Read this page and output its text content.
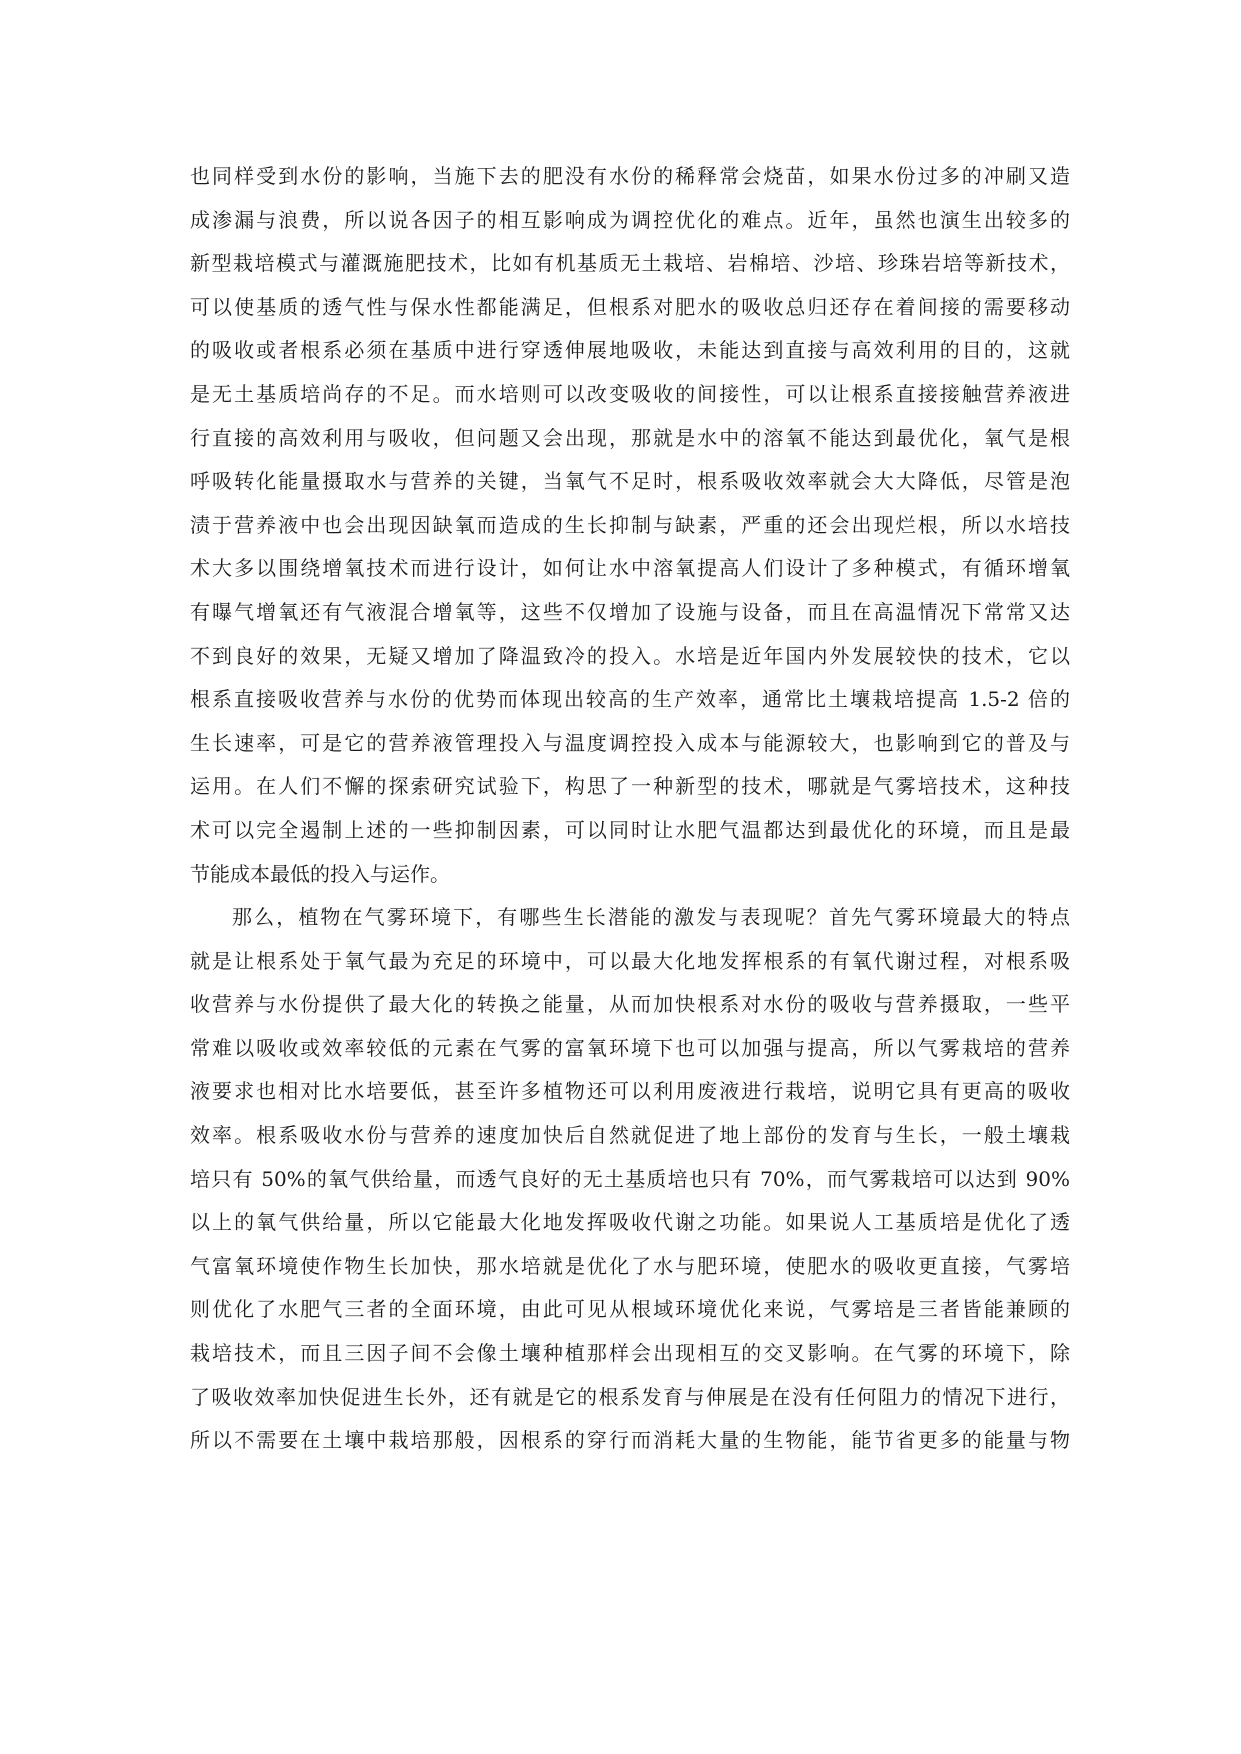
也同样受到水份的影响，当施下去的肥没有水份的稀释常会烧苗，如果水份过多的冲刷又造
成渗漏与浪费，所以说各因子的相互影响成为调控优化的难点。近年，虽然也演生出较多的
新型栽培模式与灌溉施肥技术，比如有机基质无土栽培、岩棉培、沙培、珍珠岩培等新技术，
可以使基质的透气性与保水性都能满足，但根系对肥水的吸收总归还存在着间接的需要移动
的吸收或者根系必须在基质中进行穿透伸展地吸收，未能达到直接与高效利用的目的，这就
是无土基质培尚存的不足。而水培则可以改变吸收的间接性，可以让根系直接接触营养液进
行直接的高效利用与吸收，但问题又会出现，那就是水中的溶氧不能达到最优化，氧气是根
呼吸转化能量摄取水与营养的关键，当氧气不足时，根系吸收效率就会大大降低，尽管是泡
渍于营养液中也会出现因缺氧而造成的生长抑制与缺素，严重的还会出现烂根，所以水培技
术大多以围绕增氧技术而进行设计，如何让水中溶氧提高人们设计了多种模式，有循环增氧
有曝气增氧还有气液混合增氧等，这些不仅增加了设施与设备，而且在高温情况下常常又达
不到良好的效果，无疑又增加了降温致冷的投入。水培是近年国内外发展较快的技术，它以
根系直接吸收营养与水份的优势而体现出较高的生产效率，通常比土壤栽培提高 1.5-2 倍的
生长速率，可是它的营养液管理投入与温度调控投入成本与能源较大，也影响到它的普及与
运用。在人们不懈的探索研究试验下，构思了一种新型的技术，哪就是气雾培技术，这种技
术可以完全遏制上述的一些抑制因素，可以同时让水肥气温都达到最优化的环境，而且是最
节能成本最低的投入与运作。
那么，植物在气雾环境下，有哪些生长潜能的激发与表现呢？首先气雾环境最大的特点
就是让根系处于氧气最为充足的环境中，可以最大化地发挥根系的有氧代谢过程，对根系吸
收营养与水份提供了最大化的转换之能量，从而加快根系对水份的吸收与营养摄取，一些平
常难以吸收或效率较低的元素在气雾的富氧环境下也可以加强与提高，所以气雾栽培的营养
液要求也相对比水培要低，甚至许多植物还可以利用废液进行栽培，说明它具有更高的吸收
效率。根系吸收水份与营养的速度加快后自然就促进了地上部份的发育与生长，一般土壤栽
培只有 50%的氧气供给量，而透气良好的无土基质培也只有 70%，而气雾栽培可以达到 90%
以上的氧气供给量，所以它能最大化地发挥吸收代谢之功能。如果说人工基质培是优化了透
气富氧环境使作物生长加快，那水培就是优化了水与肥环境，使肥水的吸收更直接，气雾培
则优化了水肥气三者的全面环境，由此可见从根域环境优化来说，气雾培是三者皆能兼顾的
栽培技术，而且三因子间不会像土壤种植那样会出现相互的交叉影响。在气雾的环境下，除
了吸收效率加快促进生长外，还有就是它的根系发育与伸展是在没有任何阻力的情况下进行，
所以不需要在土壤中栽培那般，因根系的穿行而消耗大量的生物能，能节省更多的能量与物
